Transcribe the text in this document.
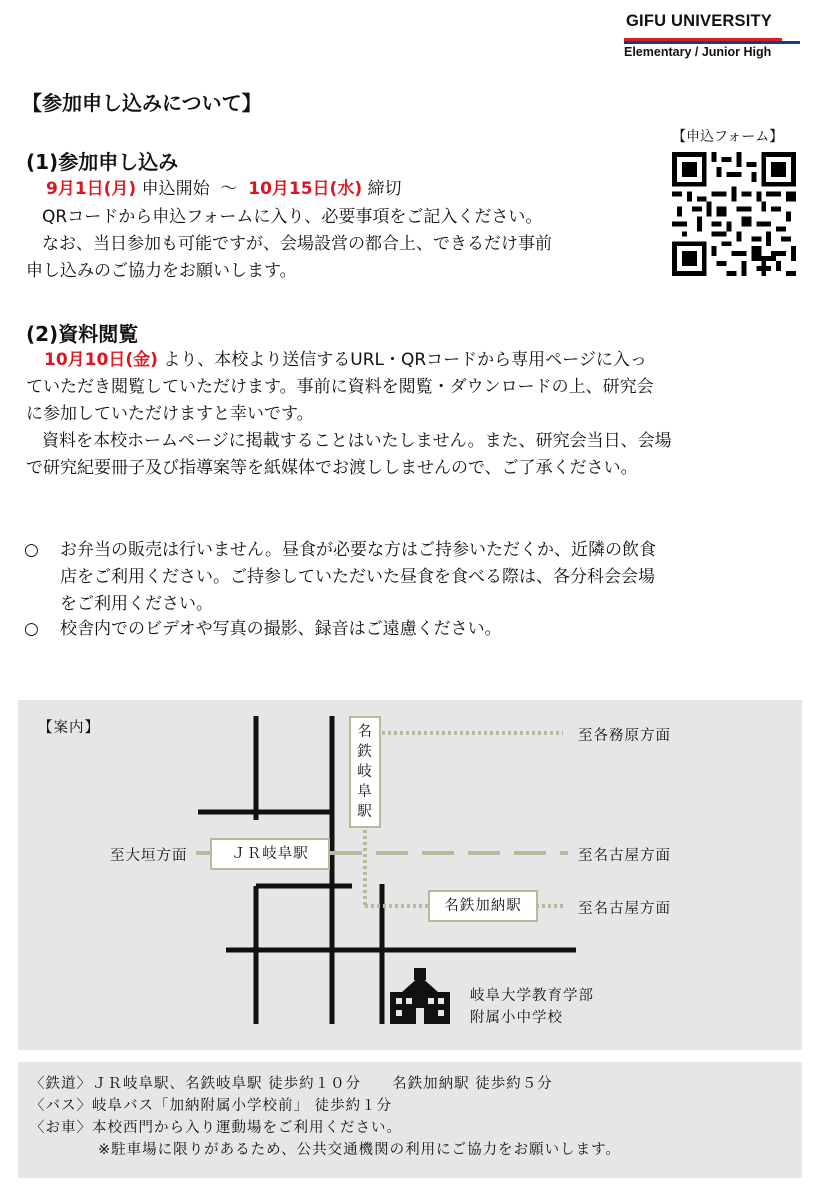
GIFU UNIVERSITY
Elementary / Junior High
【参加申し込みについて】
(1)参加申し込み
9月1日(月) 申込開始 ～ 10月15日(水) 締切
QRコードから申込フォームに入り、必要事項をご記入ください。
なお、当日参加も可能ですが、会場設営の都合上、できるだけ事前
申し込みのご協力をお願いします。
【申込フォーム】
(2)資料閲覧
10月10日(金) より、本校より送信するURL・QRコードから専用ページに入っ
ていただき閲覧していただけます。事前に資料を閲覧・ダウンロードの上、研究会
に参加していただけますと幸いです。
資料を本校ホームページに掲載することはいたしません。また、研究会当日、会場
で研究紀要冊子及び指導案等を紙媒体でお渡ししませんので、ご了承ください。
○ お弁当の販売は行いません。昼食が必要な方はご持参いただくか、近隣の飲食
店をご利用ください。ご持参していただいた昼食を食べる際は、各分科会会場
をご利用ください。
○ 校舎内でのビデオや写真の撮影、録音はご遠慮ください。
【案内】	名
鉄
岐
阜
駅
ＪＲ岐阜駅
名鉄加納駅
至各務原方面
至大垣方面	至名古屋方面
至名古屋方面
岐阜大学教育学部
附属小中学校
〈鉄道〉ＪＲ岐阜駅、名鉄岐阜駅 徒歩約１０分　　名鉄加納駅 徒歩約５分
〈バス〉岐阜バス「加納附属小学校前」 徒歩約１分
〈お車〉本校西門から入り運動場をご利用ください。
※駐車場に限りがあるため、公共交通機関の利用にご協力をお願いします。
